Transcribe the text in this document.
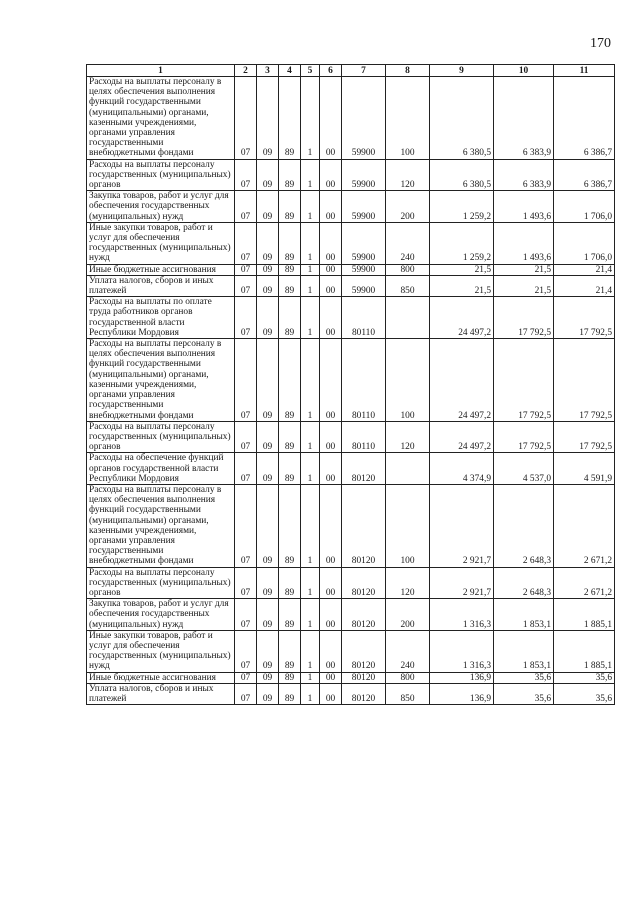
170
1	2	3	4	5	6	7	8	9	10	11
Расходы на выплаты персоналу в целях обеспечения выполнения функций государственными (муниципальными) органами, казенными учреждениями, органами управления государственными внебюджетными фондами	07	09	89	1	00	59900	100	6 380,5	6 383,9	6 386,7
Расходы на выплаты персоналу государственных (муниципальных) органов	07	09	89	1	00	59900	120	6 380,5	6 383,9	6 386,7
Закупка товаров, работ и услуг для обеспечения государственных (муниципальных) нужд	07	09	89	1	00	59900	200	1 259,2	1 493,6	1 706,0
Иные закупки товаров, работ и услуг для обеспечения государственных (муниципальных) нужд	07	09	89	1	00	59900	240	1 259,2	1 493,6	1 706,0
Иные бюджетные ассигнования	07	09	89	1	00	59900	800	21,5	21,5	21,4
Уплата налогов, сборов и иных платежей	07	09	89	1	00	59900	850	21,5	21,5	21,4
Расходы на выплаты по оплате труда работников органов государственной власти Республики Мордовия	07	09	89	1	00	80110		24 497,2	17 792,5	17 792,5
Расходы на выплаты персоналу в целях обеспечения выполнения функций государственными (муниципальными) органами, казенными учреждениями, органами управления государственными внебюджетными фондами	07	09	89	1	00	80110	100	24 497,2	17 792,5	17 792,5
Расходы на выплаты персоналу государственных (муниципальных) органов	07	09	89	1	00	80110	120	24 497,2	17 792,5	17 792,5
Расходы на обеспечение функций органов государственной власти Республики Мордовия	07	09	89	1	00	80120		4 374,9	4 537,0	4 591,9
Расходы на выплаты персоналу в целях обеспечения выполнения функций государственными (муниципальными) органами, казенными учреждениями, органами управления государственными внебюджетными фондами	07	09	89	1	00	80120	100	2 921,7	2 648,3	2 671,2
Расходы на выплаты персоналу государственных (муниципальных) органов	07	09	89	1	00	80120	120	2 921,7	2 648,3	2 671,2
Закупка товаров, работ и услуг для обеспечения государственных (муниципальных) нужд	07	09	89	1	00	80120	200	1 316,3	1 853,1	1 885,1
Иные закупки товаров, работ и услуг для обеспечения государственных (муниципальных) нужд	07	09	89	1	00	80120	240	1 316,3	1 853,1	1 885,1
Иные бюджетные ассигнования	07	09	89	1	00	80120	800	136,9	35,6	35,6
Уплата налогов, сборов и иных платежей	07	09	89	1	00	80120	850	136,9	35,6	35,6
